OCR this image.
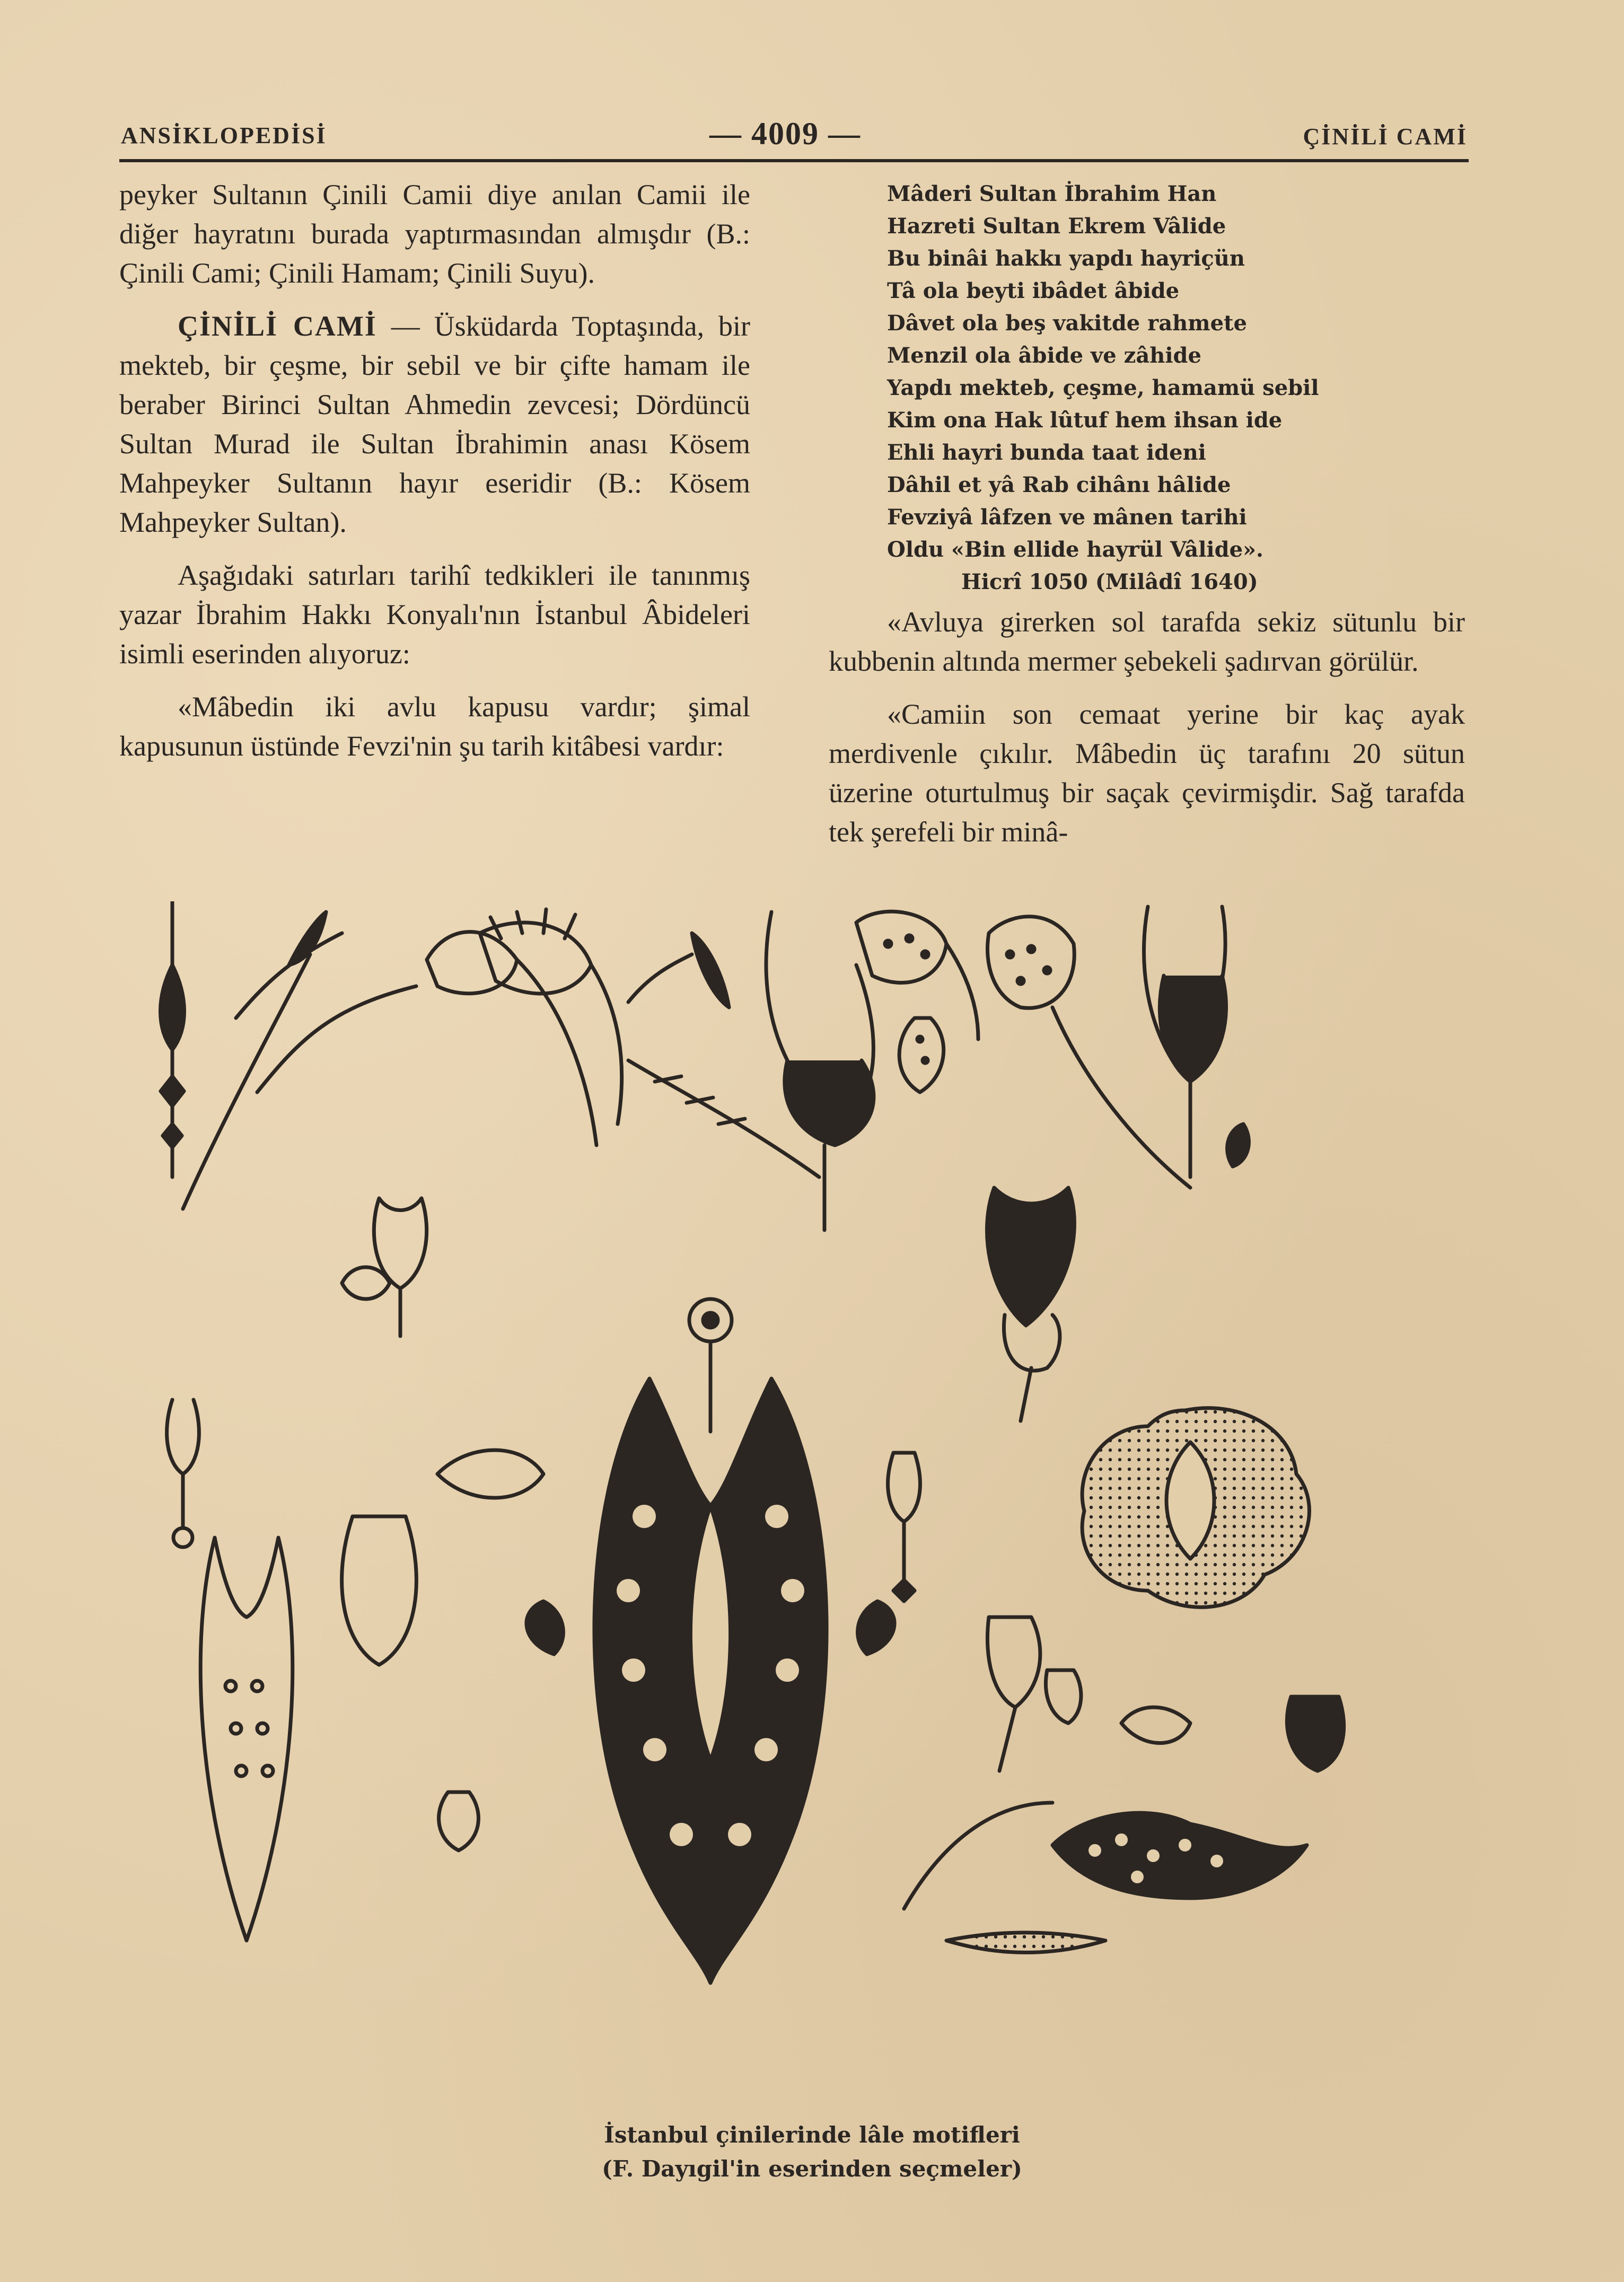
ANSİKLOPEDİSİ	— 4009 —	ÇİNİLİ CAMİ

peyker Sultanın Çinili Camii diye anılan Camii ile diğer hayratını burada yaptırmasından almışdır (B.: Çinili Cami; Çinili Hamam; Çinili Suyu).

ÇİNİLİ CAMİ — Üsküdarda Toptaşında, bir mekteb, bir çeşme, bir sebil ve bir çifte hamam ile beraber Birinci Sultan Ahmedin zevcesi; Dördüncü Sultan Murad ile Sultan İbrahimin anası Kösem Mahpeyker Sultanın hayır eseridir (B.: Kösem Mahpeyker Sultan).

Aşağıdaki satırları tarihî tedkikleri ile tanınmış yazar İbrahim Hakkı Konyalı'nın İstanbul Âbideleri isimli eserinden alıyoruz:

«Mâbedin iki avlu kapusu vardır; şimal kapusunun üstünde Fevzi'nin şu tarih kitâbesi vardır:

Mâderi Sultan İbrahim Han
Hazreti Sultan Ekrem Vâlide
Bu binâi hakkı yapdı hayriçün
Tâ ola beyti ibâdet âbide
Dâvet ola beş vakitde rahmete
Menzil ola âbide ve zâhide
Yapdı mekteb, çeşme, hamamü sebil
Kim ona Hak lûtuf hem ihsan ide
Ehli hayri bunda taat ideni
Dâhil et yâ Rab cihânı hâlide
Fevziyâ lâfzen ve mânen tarihi
Oldu «Bin ellide hayrül Vâlide».
Hicrî 1050 (Milâdî 1640)

«Avluya girerken sol tarafda sekiz sütunlu bir kubbenin altında mermer şebekeli şadırvan görülür.

«Camiin son cemaat yerine bir kaç ayak merdivenle çıkılır. Mâbedin üç tarafını 20 sütun üzerine oturtulmuş bir saçak çevirmişdir. Sağ tarafda tek şerefeli bir minâ-

İstanbul çinilerinde lâle motifleri
(F. Dayıgil'in eserinden seçmeler)
